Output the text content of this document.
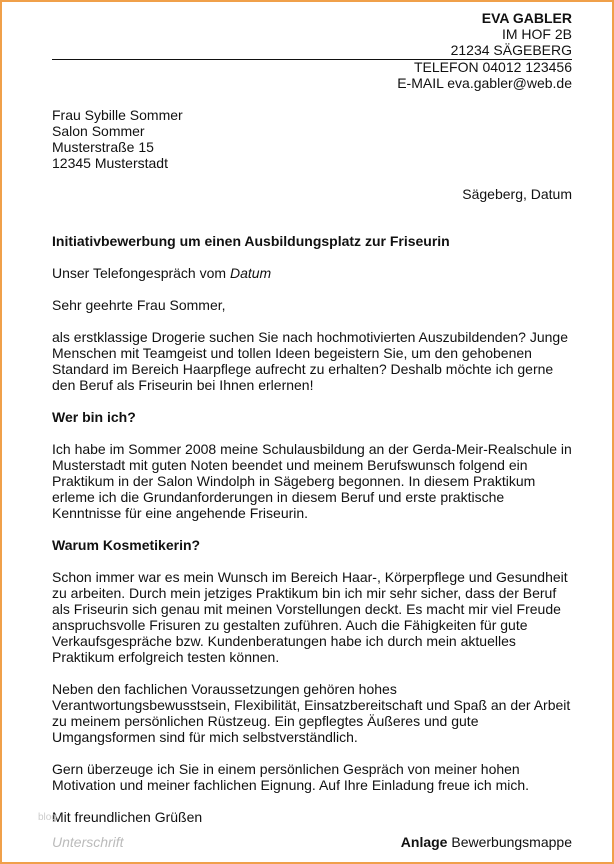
EVA GABLER
IM HOF 2B
21234 SÄGEBERG
TELEFON 04012 123456
E-MAIL eva.gabler@web.de
Frau Sybille Sommer
Salon Sommer
Musterstraße 15
12345 Musterstadt
Sägeberg, Datum

Initiativbewerbung um einen Ausbildungsplatz zur Friseurin

Unser Telefongespräch vom Datum

Sehr geehrte Frau Sommer,

als erstklassige Drogerie suchen Sie nach hochmotivierten Auszubildenden? Junge Menschen mit Teamgeist und tollen Ideen begeistern Sie, um den gehobenen Standard im Bereich Haarpflege aufrecht zu erhalten? Deshalb möchte ich gerne den Beruf als Friseurin bei Ihnen erlernen!

Wer bin ich?

Ich habe im Sommer 2008 meine Schulausbildung an der Gerda-Meir-Realschule in Musterstadt mit guten Noten beendet und meinem Berufswunsch folgend ein Praktikum in der Salon Windolph in Sägeberg begonnen. In diesem Praktikum erleme ich die Grundanforderungen in diesem Beruf und erste praktische Kenntnisse für eine angehende Friseurin.

Warum Kosmetikerin?

Schon immer war es mein Wunsch im Bereich Haar-, Körperpflege und Gesundheit zu arbeiten. Durch mein jetziges Praktikum bin ich mir sehr sicher, dass der Beruf als Friseurin sich genau mit meinen Vorstellungen deckt. Es macht mir viel Freude anspruchsvolle Frisuren zu gestalten zuführen. Auch die Fähigkeiten für gute Verkaufsgespräche bzw. Kundenberatungen habe ich durch mein aktuelles Praktikum erfolgreich testen können.

Neben den fachlichen Voraussetzungen gehören hohes Verantwortungsbewusstsein, Flexibilität, Einsatzbereitschaft und Spaß an der Arbeit zu meinem persönlichen Rüstzeug. Ein gepflegtes Äußeres und gute Umgangsformen sind für mich selbstverständlich.

Gern überzeuge ich Sie in einem persönlichen Gespräch von meiner hohen Motivation und meiner fachlichen Eignung. Auf Ihre Einladung freue ich mich.

Mit freundlichen Grüßen

blog
Unterschrift	Anlage Bewerbungsmappe
